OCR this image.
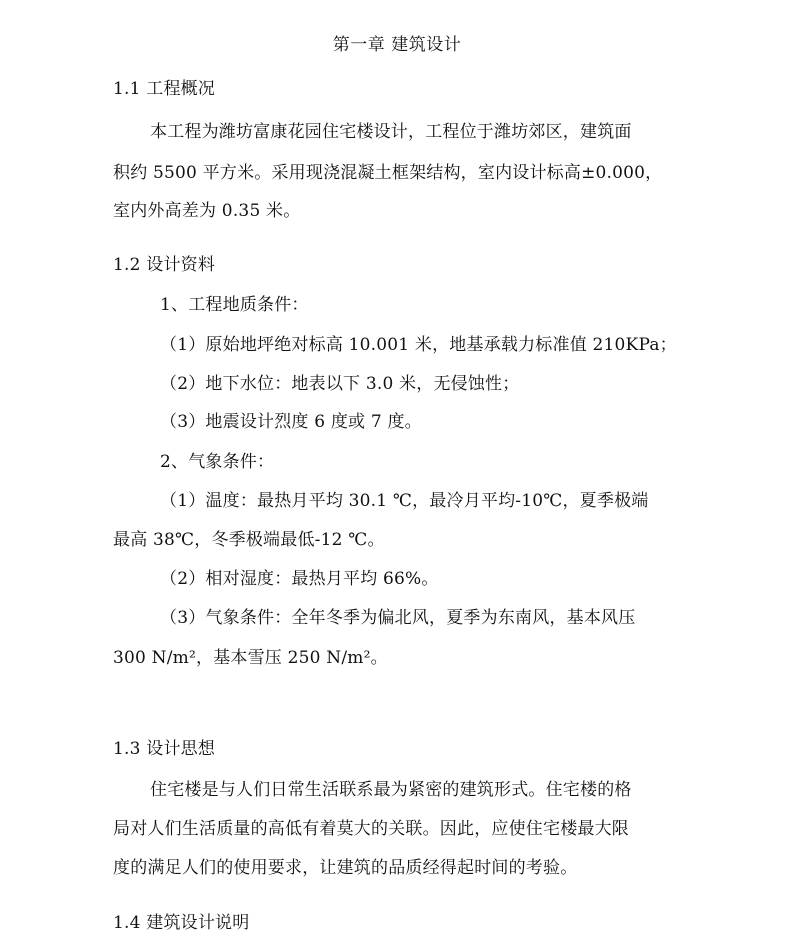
第一章 建筑设计
1.1 工程概况
本工程为潍坊富康花园住宅楼设计，工程位于潍坊郊区，建筑面
积约 5500 平方米。采用现浇混凝土框架结构，室内设计标高±0.000，
室内外高差为 0.35 米。
1.2 设计资料
1、工程地质条件：
（1）原始地坪绝对标高 10.001 米，地基承载力标准值 210KPa；
（2）地下水位：地表以下 3.0 米，无侵蚀性；
（3）地震设计烈度 6 度或 7 度。
2、气象条件：
（1）温度：最热月平均 30.1 ℃，最冷月平均-10℃，夏季极端
最高 38℃，冬季极端最低-12 ℃。
（2）相对湿度：最热月平均 66%。
（3）气象条件：全年冬季为偏北风，夏季为东南风，基本风压
300 N/m²，基本雪压 250 N/m²。
1.3 设计思想
住宅楼是与人们日常生活联系最为紧密的建筑形式。住宅楼的格
局对人们生活质量的高低有着莫大的关联。因此，应使住宅楼最大限
度的满足人们的使用要求，让建筑的品质经得起时间的考验。
1.4 建筑设计说明
